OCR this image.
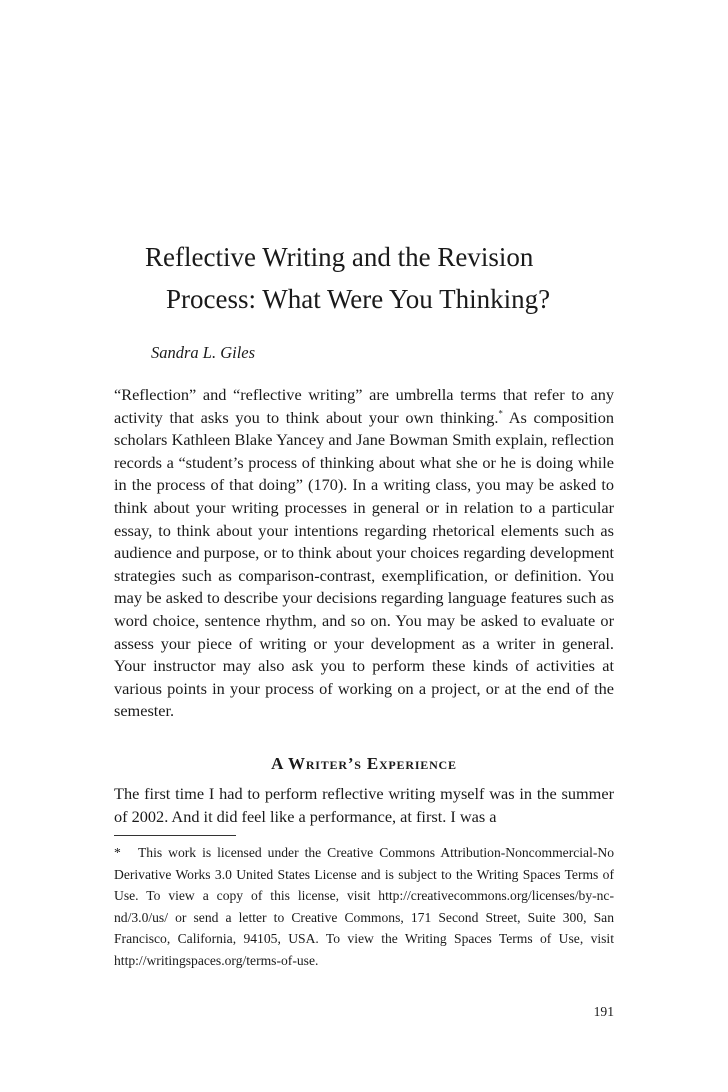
Reflective Writing and the Revision
Process: What Were You Thinking?

Sandra L. Giles

“Reflection” and “reflective writing” are umbrella terms that refer to any activity that asks you to think about your own thinking.* As composition scholars Kathleen Blake Yancey and Jane Bowman Smith explain, reflection records a “student’s process of thinking about what she or he is doing while in the process of that doing” (170). In a writing class, you may be asked to think about your writing processes in general or in relation to a particular essay, to think about your intentions regarding rhetorical elements such as audience and purpose, or to think about your choices regarding development strategies such as comparison-contrast, exemplification, or definition. You may be asked to describe your decisions regarding language features such as word choice, sentence rhythm, and so on. You may be asked to evaluate or assess your piece of writing or your development as a writer in general. Your instructor may also ask you to perform these kinds of activities at various points in your process of working on a project, or at the end of the semester.

A Writer’s Experience

The first time I had to perform reflective writing myself was in the summer of 2002. And it did feel like a performance, at first. I was a

* This work is licensed under the Creative Commons Attribution-Noncommercial-No Derivative Works 3.0 United States License and is subject to the Writing Spaces Terms of Use. To view a copy of this license, visit http://creativecommons.org/licenses/by-nc-nd/3.0/us/ or send a letter to Creative Commons, 171 Second Street, Suite 300, San Francisco, California, 94105, USA. To view the Writing Spaces Terms of Use, visit http://writingspaces.org/terms-of-use.

191
